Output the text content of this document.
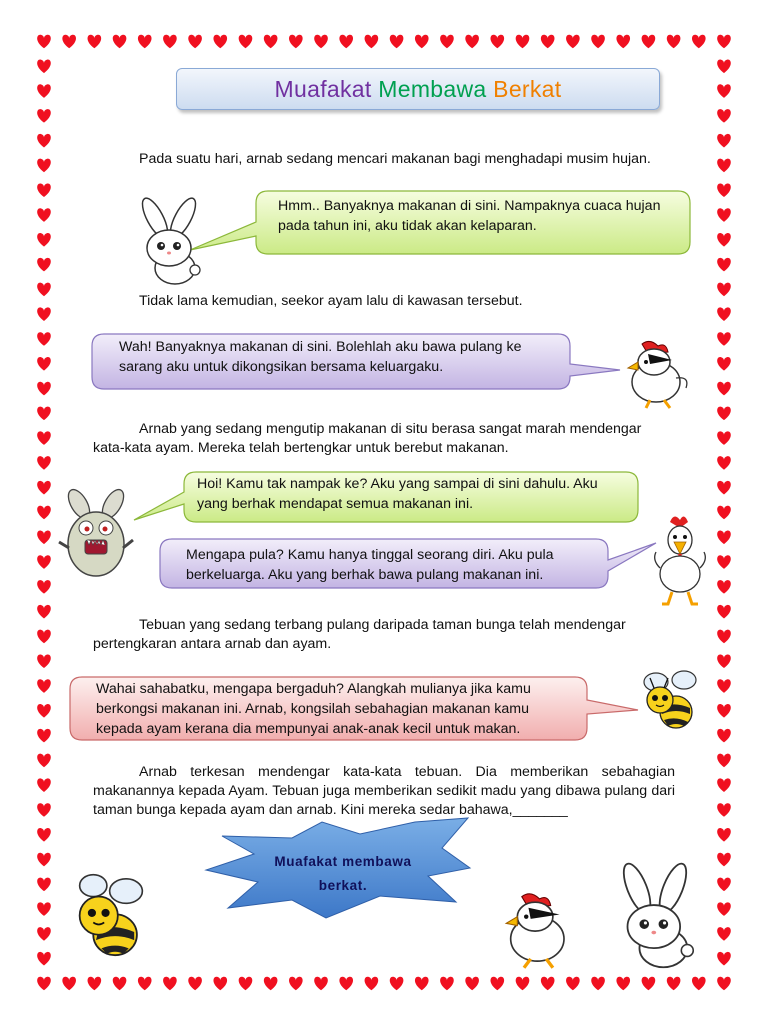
Muafakat
Membawa
Berkat

Pada suatu hari, arnab sedang mencari makanan bagi menghadapi musim hujan.

Tidak lama kemudian, seekor ayam lalu di kawasan tersebut.

Arnab yang sedang mengutip makanan di situ berasa sangat marah mendengar kata-kata ayam. Mereka telah bertengkar untuk berebut makanan.

Tebuan yang sedang terbang pulang daripada taman bunga telah mendengar pertengkaran antara arnab dan ayam.

Arnab terkesan mendengar kata-kata tebuan. Dia memberikan sebahagian makanannya kepada Ayam. Tebuan juga memberikan sedikit madu yang dibawa pulang dari taman bunga kepada ayam dan arnab. Kini mereka sedar bahawa,_______

Hmm.. Banyaknya makanan di sini. Nampaknya cuaca hujan pada tahun ini, aku tidak akan kelaparan.

Wah! Banyaknya makanan di sini. Bolehlah aku bawa pulang ke sarang aku untuk dikongsikan bersama keluargaku.

Hoi! Kamu tak nampak ke? Aku yang sampai di sini dahulu. Aku yang berhak mendapat semua makanan ini.

Mengapa pula? Kamu hanya tinggal seorang diri. Aku pula berkeluarga. Aku yang berhak bawa pulang makanan ini.

Wahai sahabatku, mengapa bergaduh? Alangkah mulianya jika kamu berkongsi makanan ini. Arnab, kongsilah sebahagian makanan kamu kepada ayam kerana dia mempunyai anak-anak kecil untuk makan.

Muafakat membawa berkat.
